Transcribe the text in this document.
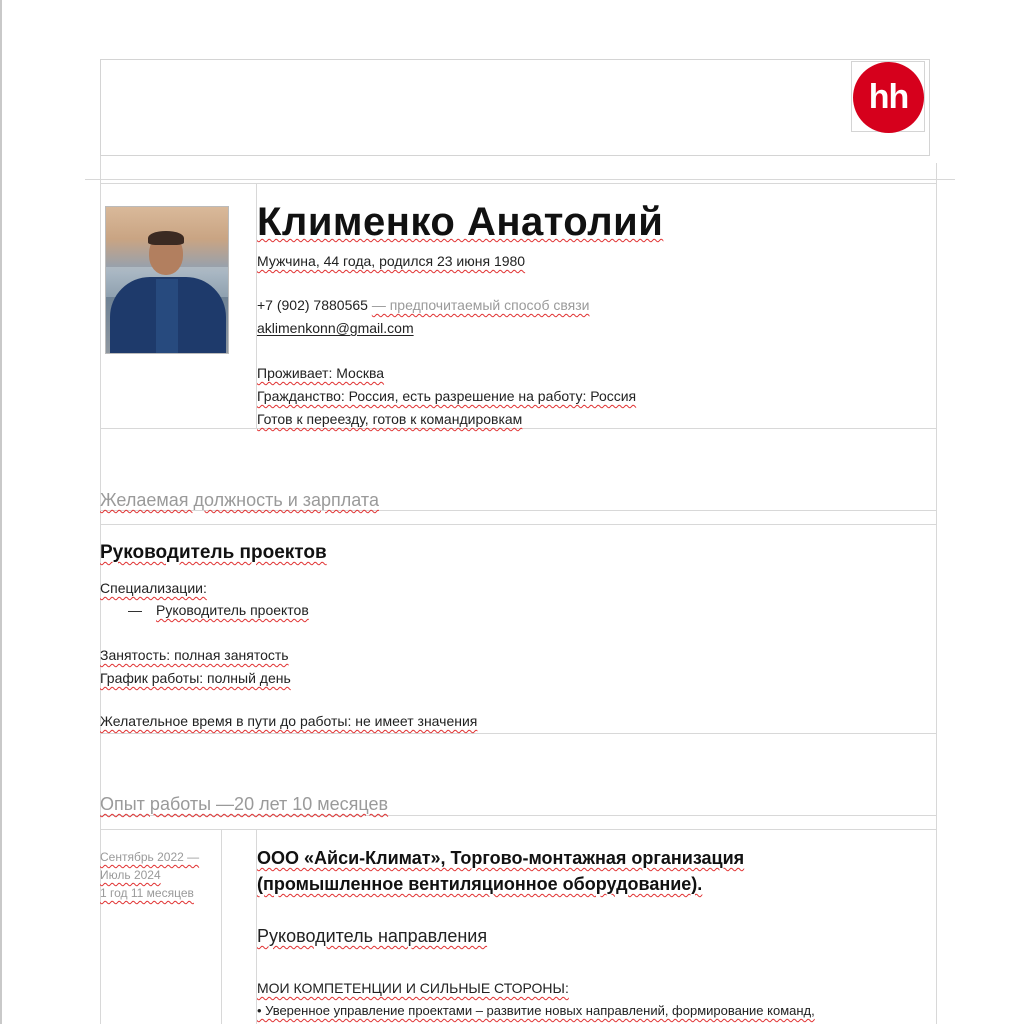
hh
Клименко Анатолий
Мужчина, 44 года, родился 23 июня 1980
+7 (902) 7880565 — предпочитаемый способ связи
aklimenkonn@gmail.com
Проживает: Москва
Гражданство: Россия, есть разрешение на работу: Россия
Готов к переезду, готов к командировкам
Желаемая должность и зарплата
Руководитель проектов
Специализации:
— Руководитель проектов
Занятость: полная занятость
График работы: полный день
Желательное время в пути до работы: не имеет значения
Опыт работы —20 лет 10 месяцев
Сентябрь 2022 —
Июль 2024
1 год 11 месяцев
ООО «Айси-Климат», Торгово-монтажная организация
(промышленное вентиляционное оборудование).
Руководитель направления
МОИ КОМПЕТЕНЦИИ И СИЛЬНЫЕ СТОРОНЫ:
• Уверенное управление проектами – развитие новых направлений, формирование команд,
